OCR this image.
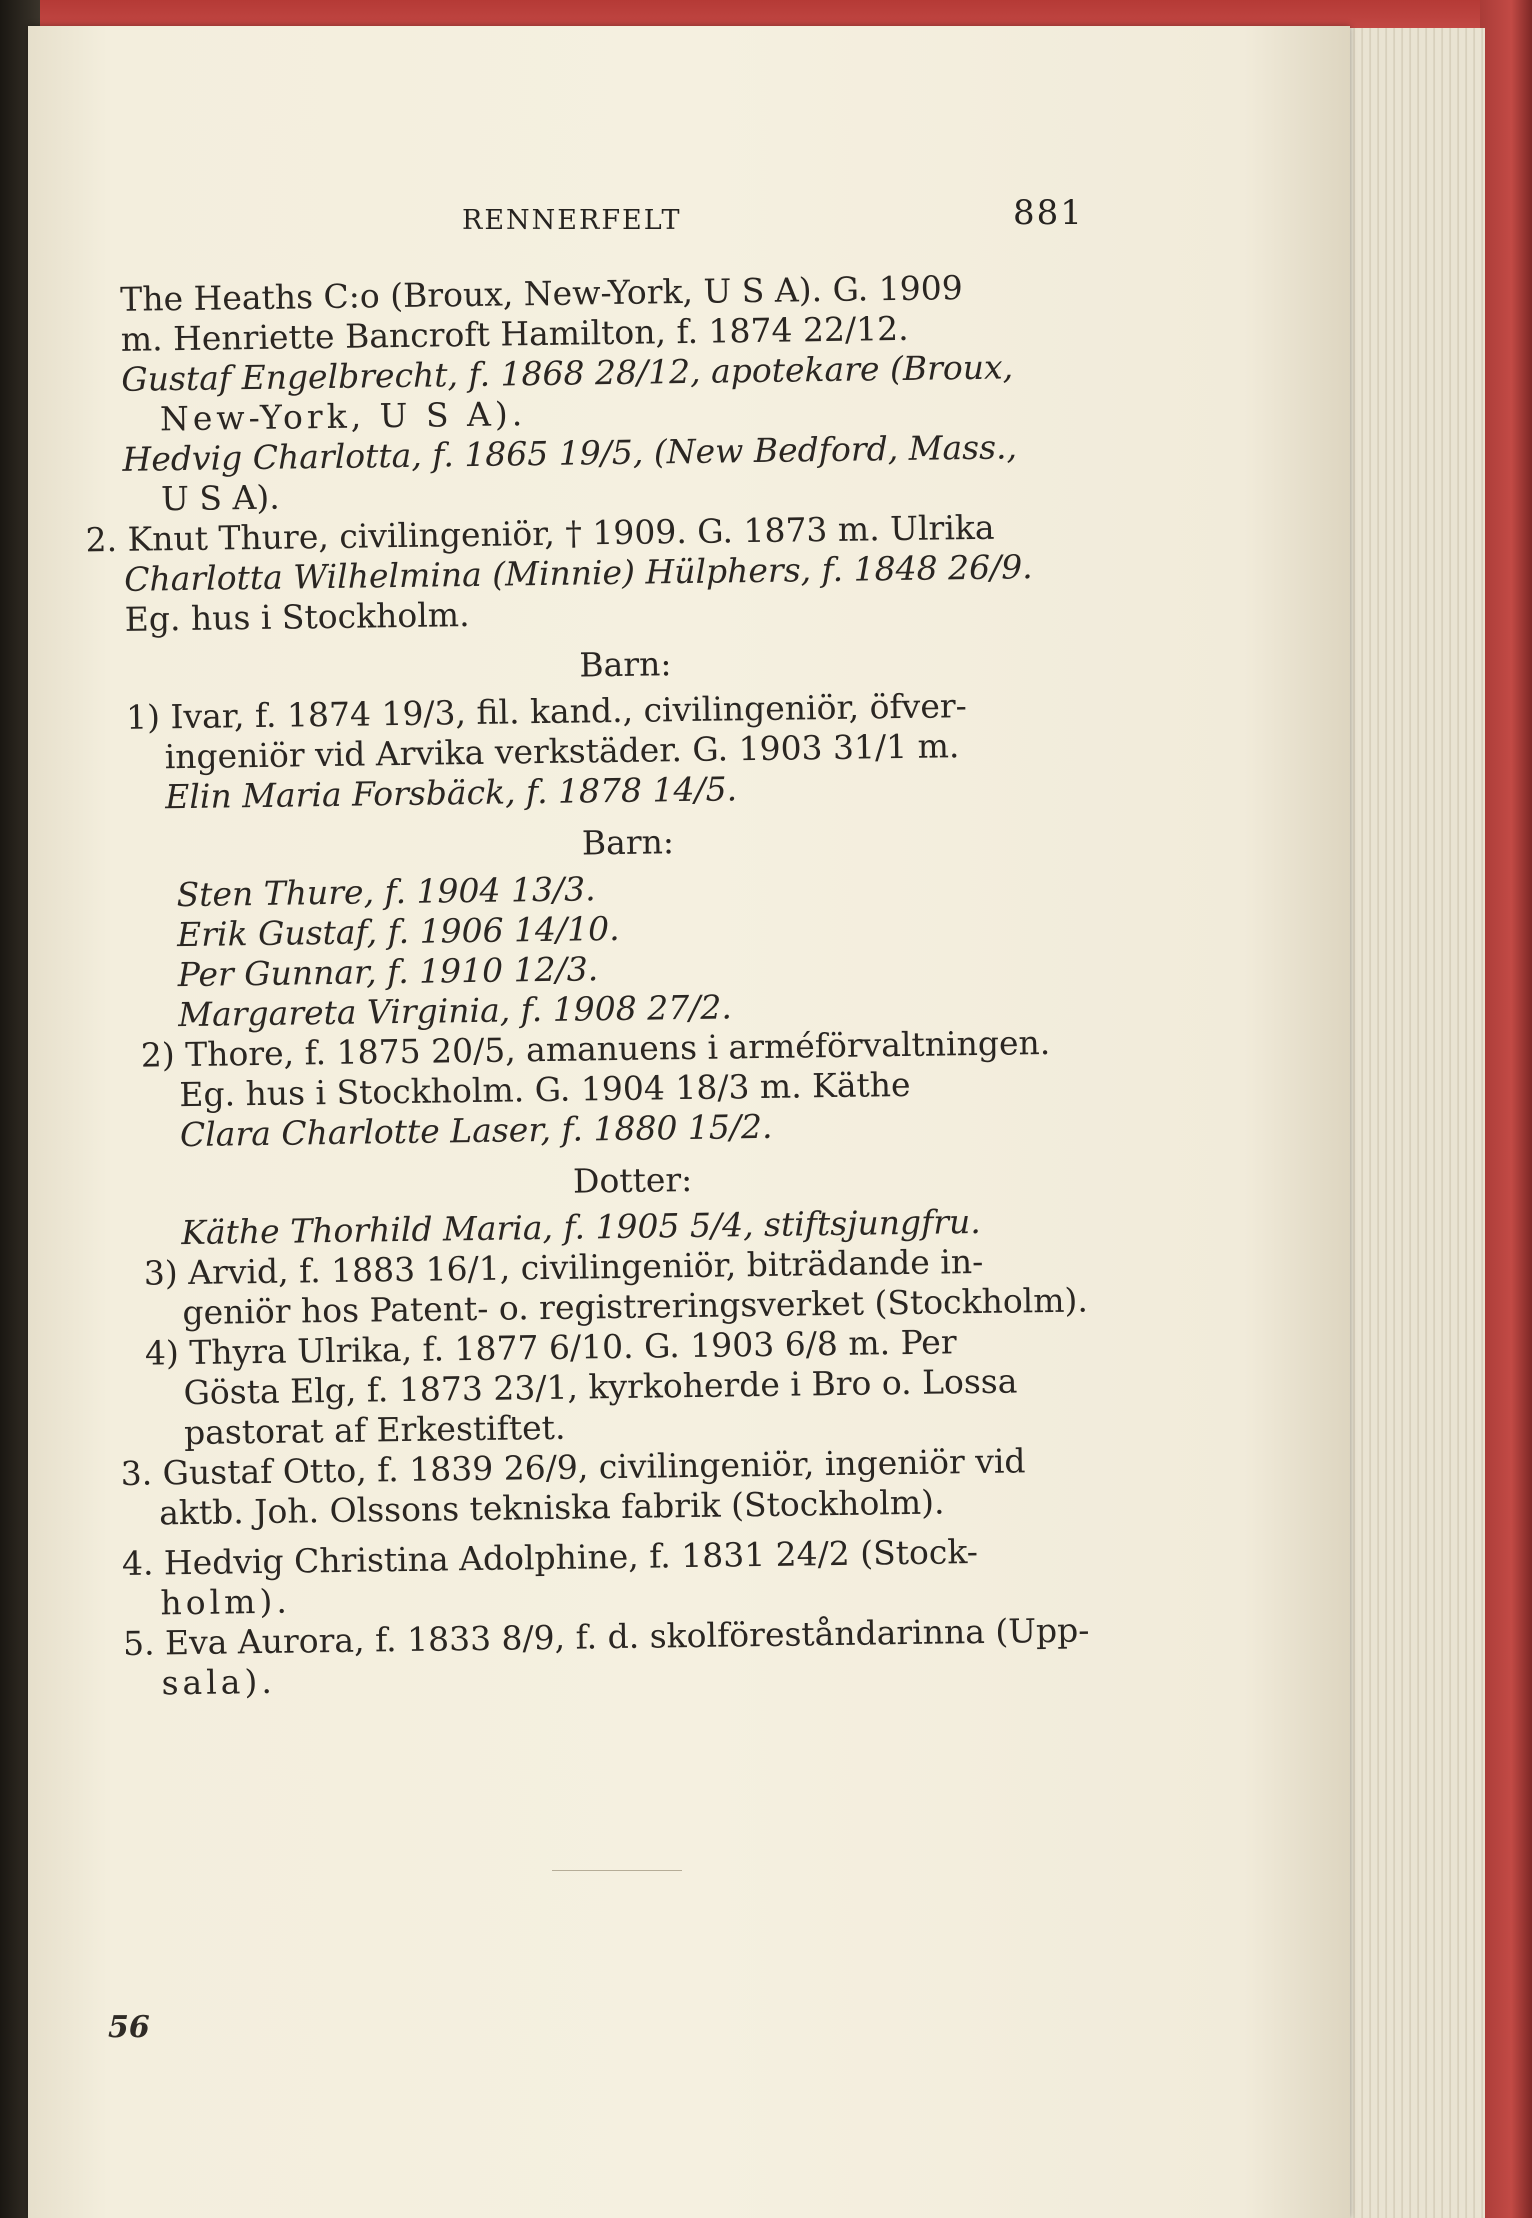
RENNERFELT	881
The Heaths C:o (Broux, New-York, U S A). G. 1909
m. Henriette Bancroft Hamilton, f. 1874 22/12.
Gustaf Engelbrecht, f. 1868 28/12, apotekare (Broux,
New-York, U S A).
Hedvig Charlotta, f. 1865 19/5, (New Bedford, Mass.,
U S A).
2. Knut Thure, civilingeniör, † 1909. G. 1873 m. Ulrika
Charlotta Wilhelmina (Minnie) Hülphers, f. 1848 26/9.
Eg. hus i Stockholm.
Barn:
1) Ivar, f. 1874 19/3, fil. kand., civilingeniör, öfver-
ingeniör vid Arvika verkstäder. G. 1903 31/1 m.
Elin Maria Forsbäck, f. 1878 14/5.
Barn:
Sten Thure, f. 1904 13/3.
Erik Gustaf, f. 1906 14/10.
Per Gunnar, f. 1910 12/3.
Margareta Virginia, f. 1908 27/2.
2) Thore, f. 1875 20/5, amanuens i arméförvaltningen.
Eg. hus i Stockholm. G. 1904 18/3 m. Käthe
Clara Charlotte Laser, f. 1880 15/2.
Dotter:
Käthe Thorhild Maria, f. 1905 5/4, stiftsjungfru.
3) Arvid, f. 1883 16/1, civilingeniör, biträdande in-
geniör hos Patent- o. registreringsverket (Stockholm).
4) Thyra Ulrika, f. 1877 6/10. G. 1903 6/8 m. Per
Gösta Elg, f. 1873 23/1, kyrkoherde i Bro o. Lossa
pastorat af Erkestiftet.
3. Gustaf Otto, f. 1839 26/9, civilingeniör, ingeniör vid
aktb. Joh. Olssons tekniska fabrik (Stockholm).
4. Hedvig Christina Adolphine, f. 1831 24/2 (Stock-
holm).
5. Eva Aurora, f. 1833 8/9, f. d. skolföreståndarinna (Upp-
sala).
56
